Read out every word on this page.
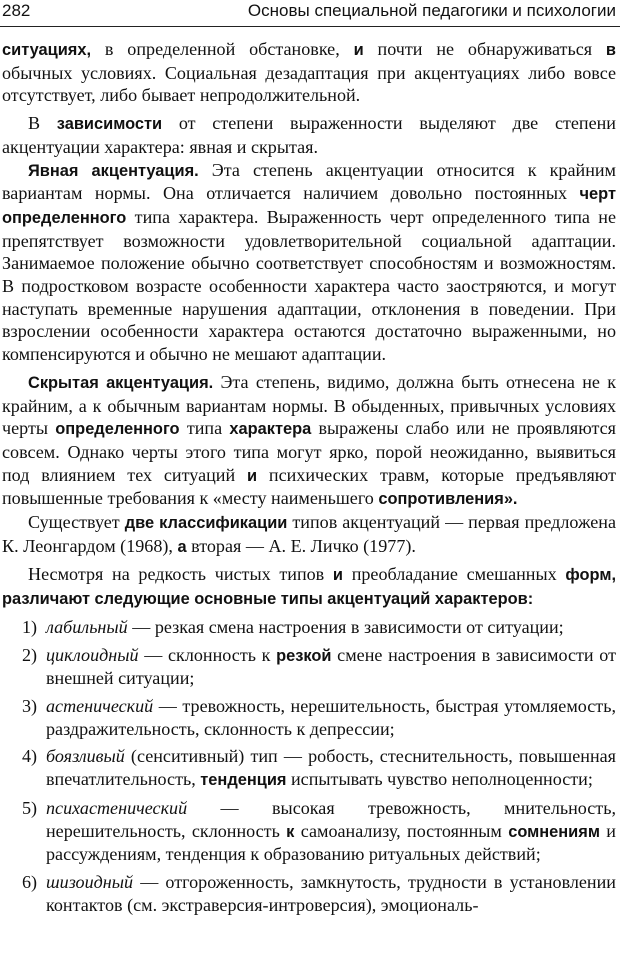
282	Основы специальной педагогики и психологии

ситуациях, в определенной обстановке, и почти не обнаруживаться в обычных условиях. Социальная дезадаптация при акцентуациях либо вовсе отсутствует, либо бывает непродолжительной.

В зависимости от степени выраженности выделяют две степени акцентуации характера: явная и скрытая.

Явная акцентуация. Эта степень акцентуации относится к крайним вариантам нормы. Она отличается наличием довольно постоянных черт определенного типа характера. Выраженность черт определенного типа не препятствует возможности удовлетворительной социальной адаптации. Занимаемое положение обычно соответствует способностям и возможностям. В подростковом возрасте особенности характера часто заостряются, и могут наступать временные нарушения адаптации, отклонения в поведении. При взрослении особенности характера остаются достаточно выраженными, но компенсируются и обычно не мешают адаптации.

Скрытая акцентуация. Эта степень, видимо, должна быть отнесена не к крайним, а к обычным вариантам нормы. В обыденных, привычных условиях черты определенного типа характера выражены слабо или не проявляются совсем. Однако черты этого типа могут ярко, порой неожиданно, выявиться под влиянием тех ситуаций и психических травм, которые предъявляют повышенные требования к «месту наименьшего сопротивления».

Существует две классификации типов акцентуаций — первая предложена К. Леонгардом (1968), а вторая — А. Е. Личко (1977).

Несмотря на редкость чистых типов и преобладание смешанных форм, различают следующие основные типы акцентуаций характеров:

1) лабильный — резкая смена настроения в зависимости от ситуации;
2) циклоидный — склонность к резкой смене настроения в зависимости от внешней ситуации;
3) астенический — тревожность, нерешительность, быстрая утомляемость, раздражительность, склонность к депрессии;
4) боязливый (сенситивный) тип — робость, стеснительность, повышенная впечатлительность, тенденция испытывать чувство неполноценности;
5) психастенический — высокая тревожность, мнительность, нерешительность, склонность к самоанализу, постоянным сомнениям и рассуждениям, тенденция к образованию ритуальных действий;
6) шизоидный — отгороженность, замкнутость, трудности в установлении контактов (см. экстраверсия-интроверсия), эмоциональ-
